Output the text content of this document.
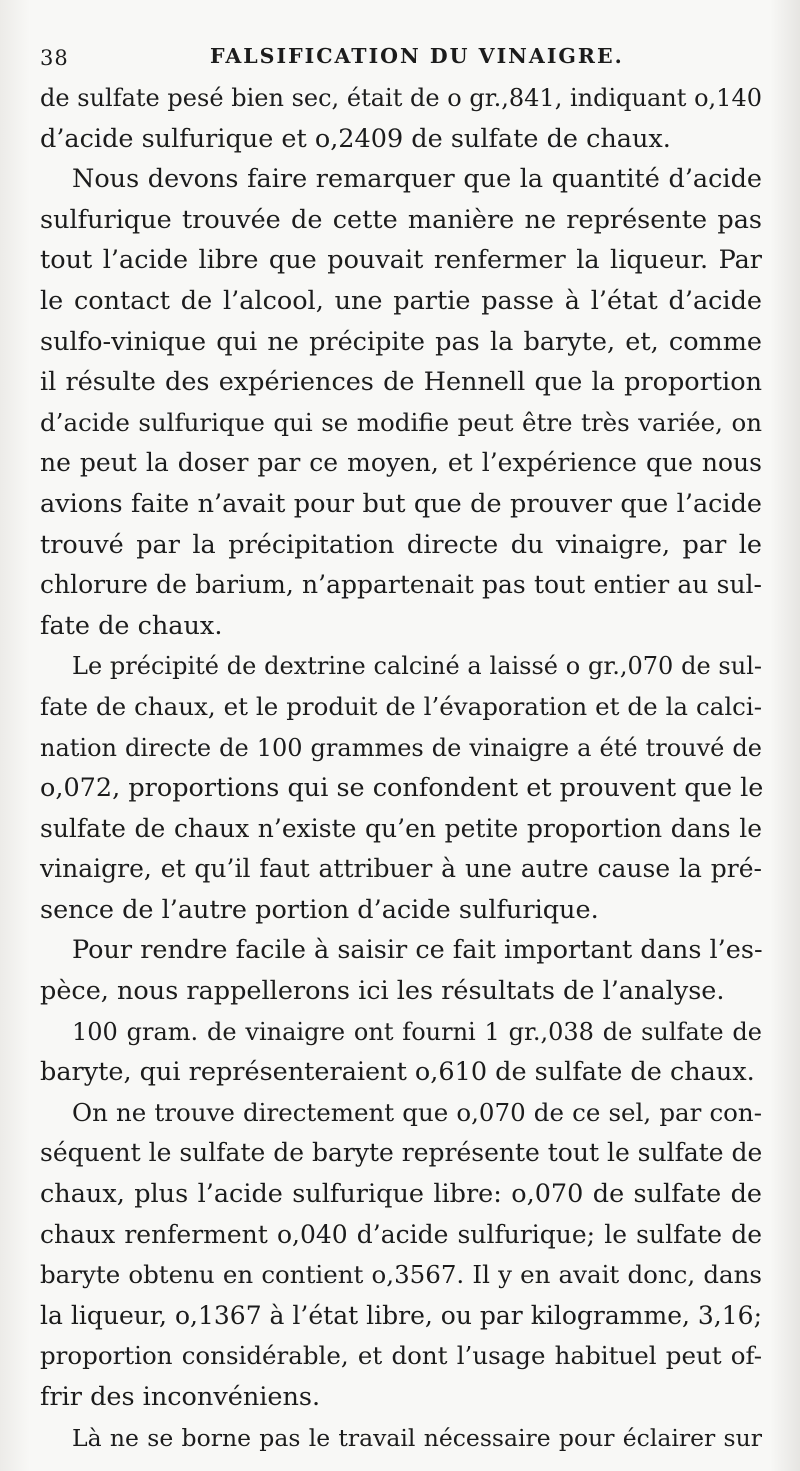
38	FALSIFICATION DU VINAIGRE.
de sulfate pesé bien sec, était de o gr.,841, indiquant o,140
d’acide sulfurique et o,2409 de sulfate de chaux.
Nous devons faire remarquer que la quantité d’acide
sulfurique trouvée de cette manière ne représente pas
tout l’acide libre que pouvait renfermer la liqueur. Par
le contact de l’alcool, une partie passe à l’état d’acide
sulfo-vinique qui ne précipite pas la baryte, et, comme
il résulte des expériences de Hennell que la proportion
d’acide sulfurique qui se modifie peut être très variée, on
ne peut la doser par ce moyen, et l’expérience que nous
avions faite n’avait pour but que de prouver que l’acide
trouvé par la précipitation directe du vinaigre, par le
chlorure de barium, n’appartenait pas tout entier au sul-
fate de chaux.
Le précipité de dextrine calciné a laissé o gr.,070 de sul-
fate de chaux, et le produit de l’évaporation et de la calci-
nation directe de 100 grammes de vinaigre a été trouvé de
o,072, proportions qui se confondent et prouvent que le
sulfate de chaux n’existe qu’en petite proportion dans le
vinaigre, et qu’il faut attribuer à une autre cause la pré-
sence de l’autre portion d’acide sulfurique.
Pour rendre facile à saisir ce fait important dans l’es-
pèce, nous rappellerons ici les résultats de l’analyse.
100 gram. de vinaigre ont fourni 1 gr.,038 de sulfate de
baryte, qui représenteraient o,610 de sulfate de chaux.
On ne trouve directement que o,070 de ce sel, par con-
séquent le sulfate de baryte représente tout le sulfate de
chaux, plus l’acide sulfurique libre: o,070 de sulfate de
chaux renferment o,040 d’acide sulfurique; le sulfate de
baryte obtenu en contient o,3567. Il y en avait donc, dans
la liqueur, o,1367 à l’état libre, ou par kilogramme, 3,16;
proportion considérable, et dont l’usage habituel peut of-
frir des inconvéniens.
Là ne se borne pas le travail nécessaire pour éclairer sur
